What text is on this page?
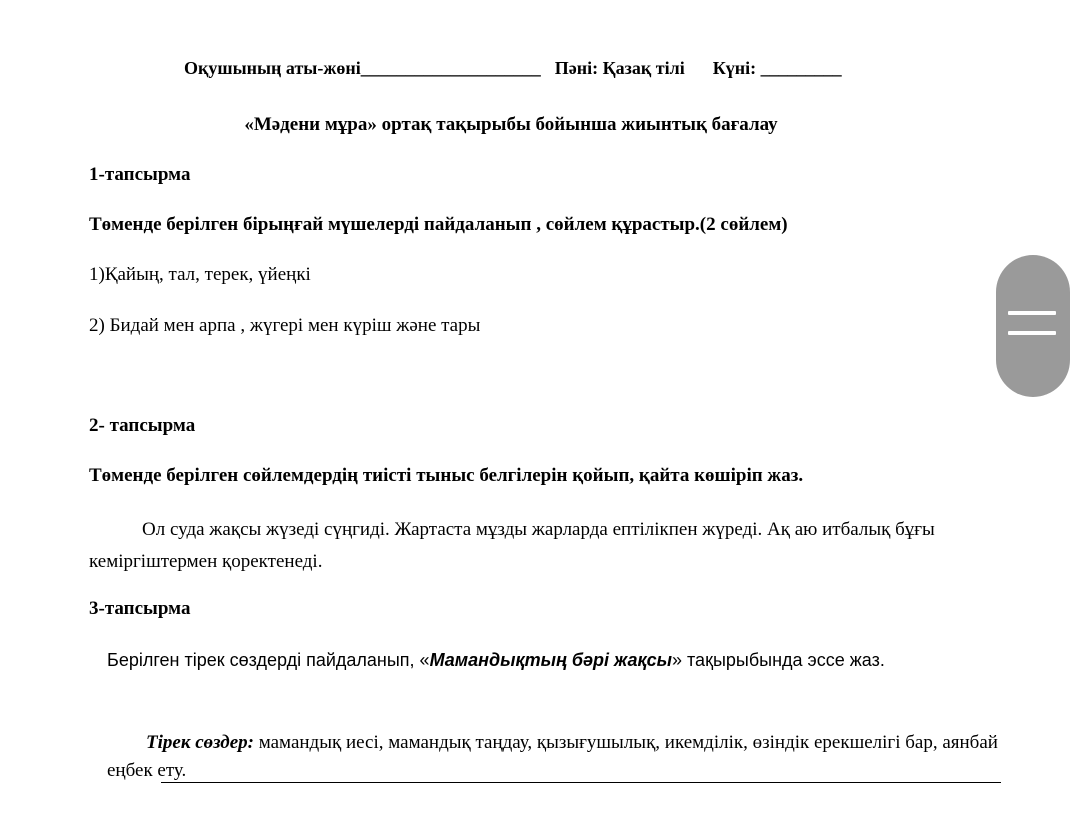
Оқушының аты-жөні____________________ Пәні: Қазақ тілі Күні: _________
«Мәдени мұра» ортақ тақырыбы бойынша жиынтық бағалау
1-тапсырма
Төменде берілген бірыңғай мүшелерді пайдаланып , сөйлем құрастыр.(2 сөйлем)
1)Қайың, тал, терек, үйеңкі
2) Бидай мен арпа , жүгері мен күріш және тары
2- тапсырма
Төменде берілген сөйлемдердің тиісті тыныс белгілерін қойып, қайта көшіріп жаз.
Ол суда жақсы жүзеді сүңгиді. Жартаста мұзды жарларда ептілікпен жүреді. Ақ аю итбалық бұғы кеміргіштермен қоректенеді.
3-тапсырма
Берілген тірек сөздерді пайдаланып, «Мамандықтың бәрі жақсы» тақырыбында эссе жаз.
Тірек сөздер: мамандық иесі, мамандық таңдау, қызығушылық, икемділік, өзіндік ерекшелігі бар, аянбай еңбек ету.
